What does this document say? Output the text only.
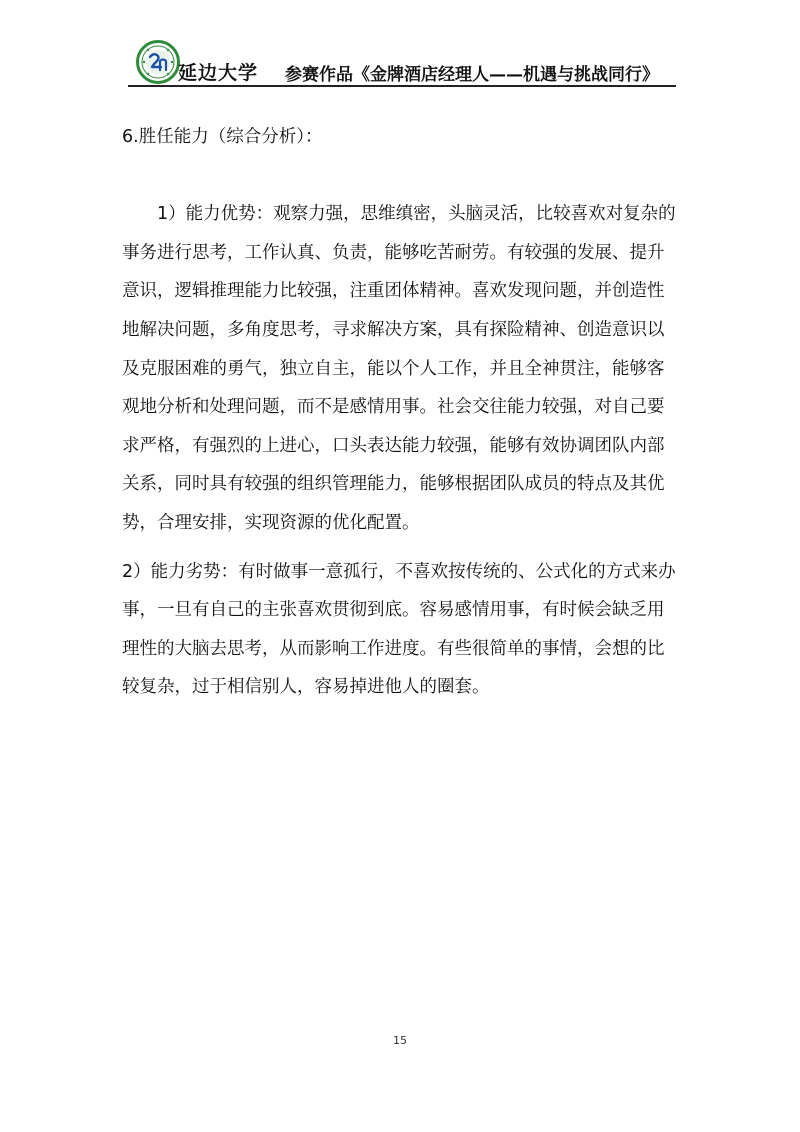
延边大学 参赛作品《金牌酒店经理人——机遇与挑战同行》

6.胜任能力（综合分析）：

1）能力优势：观察力强，思维缜密，头脑灵活，比较喜欢对复杂的事务进行思考，工作认真、负责，能够吃苦耐劳。有较强的发展、提升意识，逻辑推理能力比较强，注重团体精神。喜欢发现问题，并创造性地解决问题，多角度思考，寻求解决方案，具有探险精神、创造意识以及克服困难的勇气，独立自主，能以个人工作，并且全神贯注，能够客观地分析和处理问题，而不是感情用事。社会交往能力较强，对自己要求严格，有强烈的上进心，口头表达能力较强，能够有效协调团队内部关系，同时具有较强的组织管理能力，能够根据团队成员的特点及其优势，合理安排，实现资源的优化配置。

2）能力劣势：有时做事一意孤行，不喜欢按传统的、公式化的方式来办事，一旦有自己的主张喜欢贯彻到底。容易感情用事，有时候会缺乏用理性的大脑去思考，从而影响工作进度。有些很简单的事情，会想的比较复杂，过于相信别人，容易掉进他人的圈套。

15
